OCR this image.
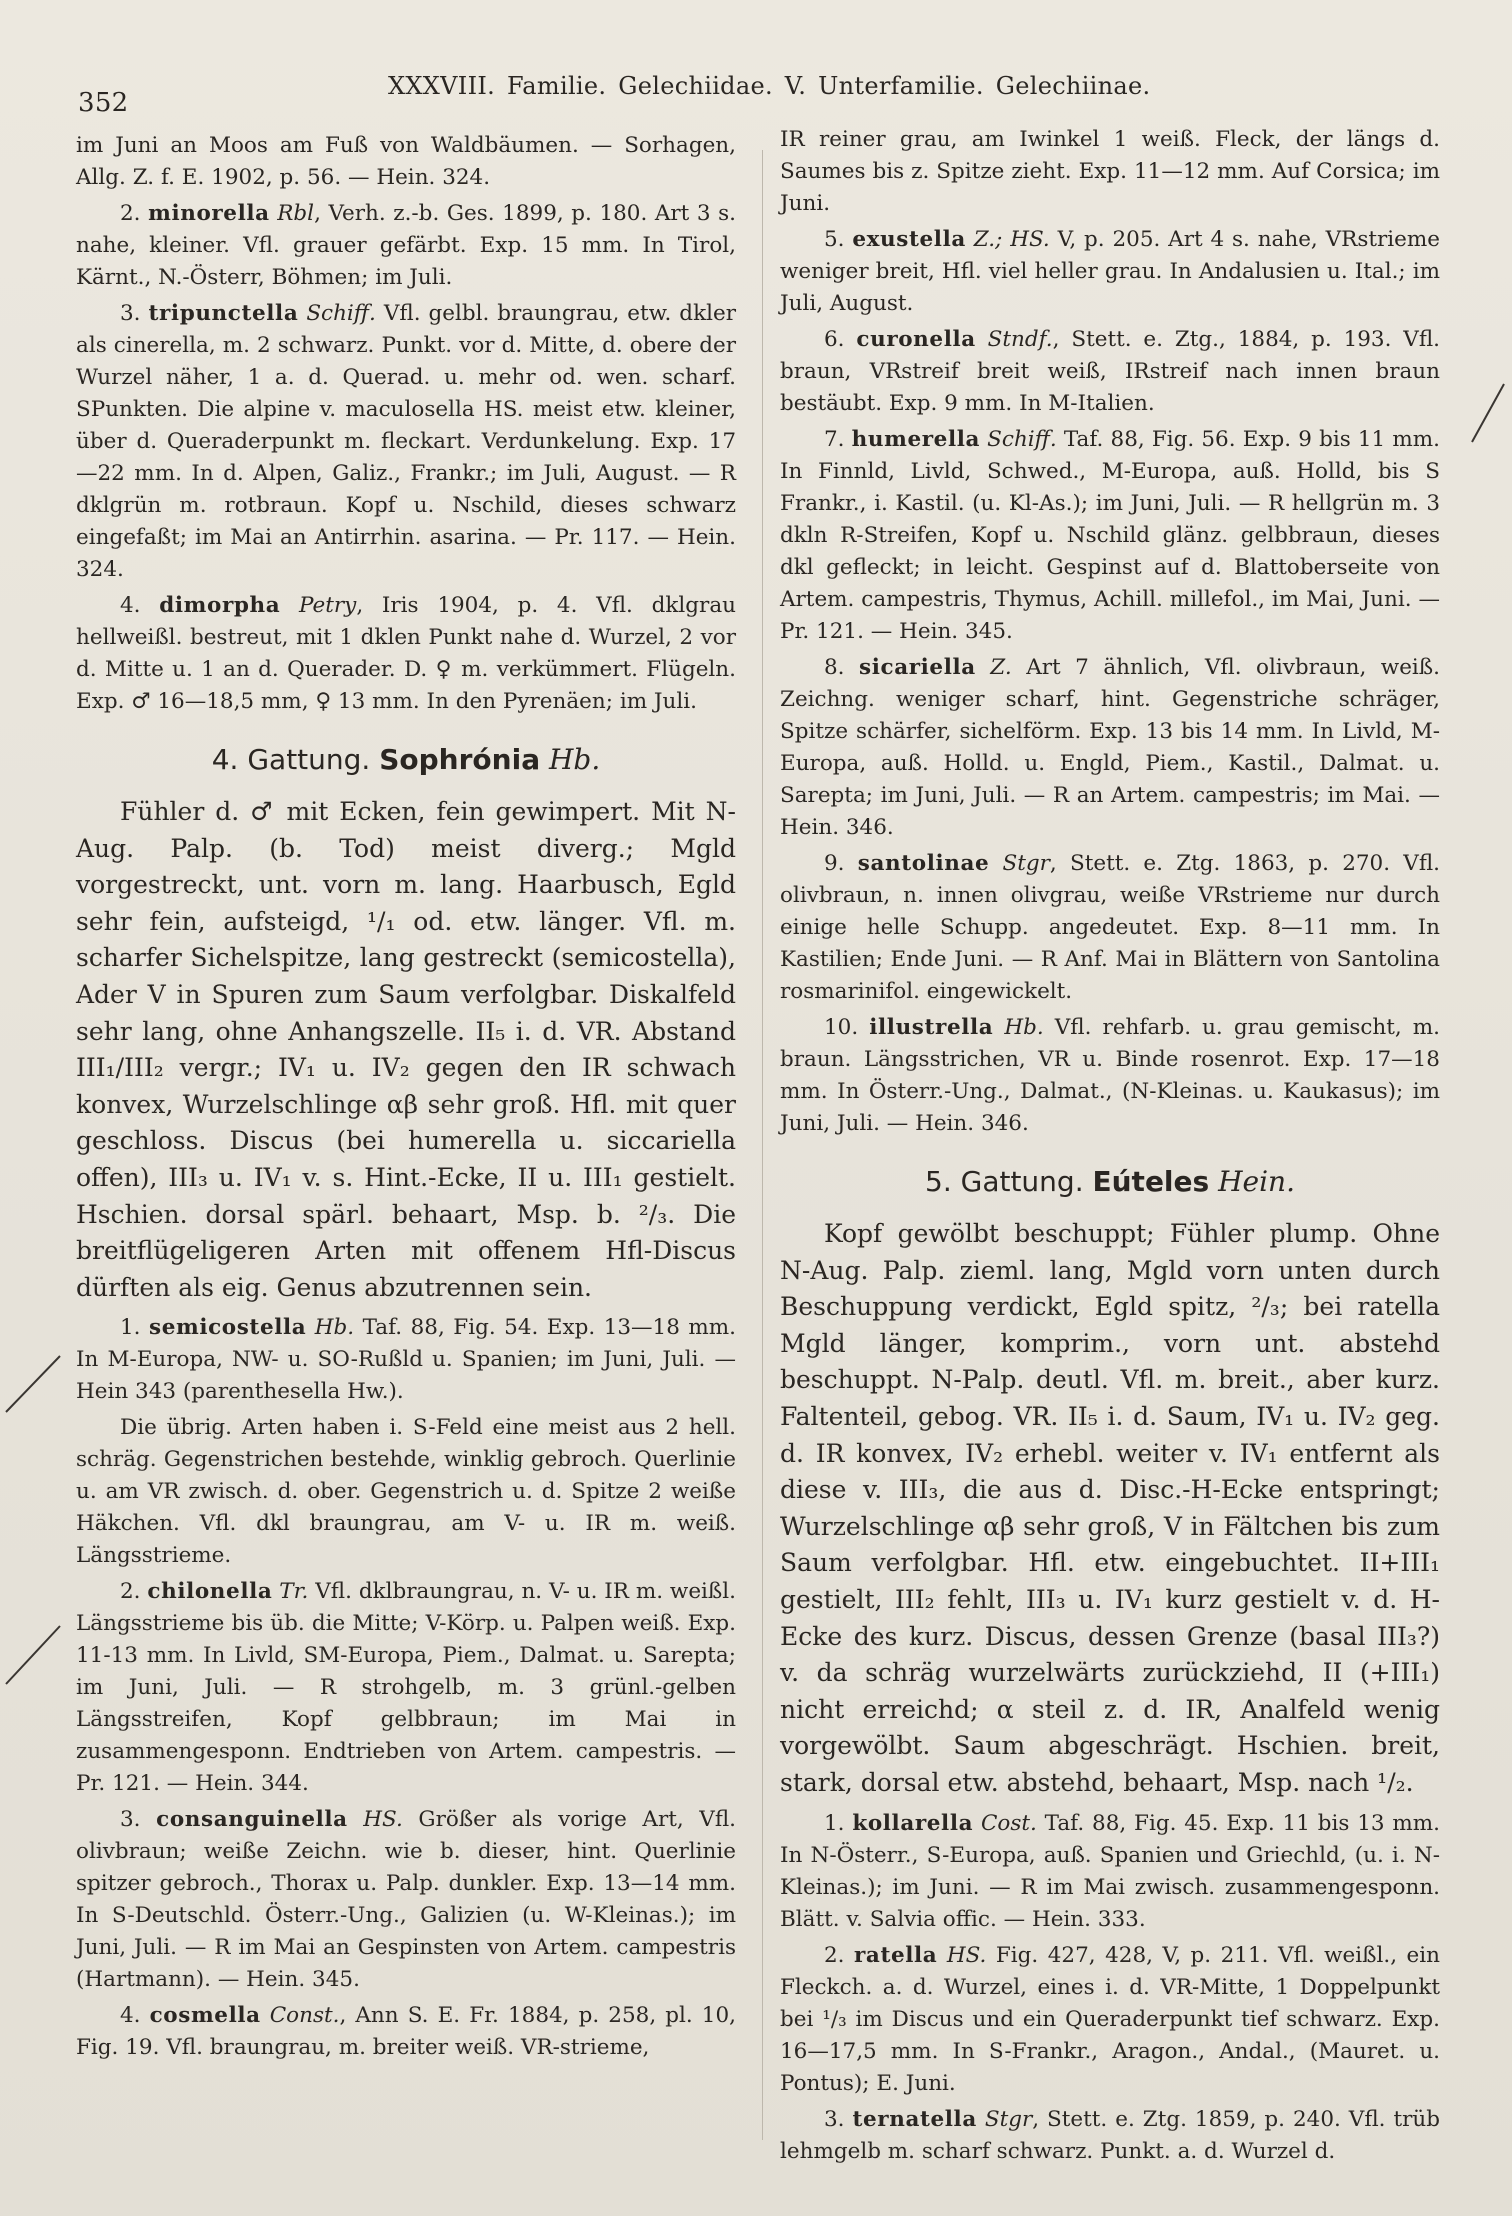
352
XXXVIII. Familie. Gelechiidae. V. Unterfamilie. Gelechiinae.

im Juni an Moos am Fuß von Waldbäumen. — Sorhagen, Allg. Z. f. E. 1902, p. 56. — Hein. 324.

2. minorella Rbl, Verh. z.-b. Ges. 1899, p. 180. Art 3 s. nahe, kleiner. Vfl. grauer gefärbt. Exp. 15 mm. In Tirol, Kärnt., N.-Österr, Böhmen; im Juli.

3. tripunctella Schiff. Vfl. gelbl. braungrau, etw. dkler als cinerella, m. 2 schwarz. Punkt. vor d. Mitte, d. obere der Wurzel näher, 1 a. d. Querad. u. mehr od. wen. scharf. SPunkten. Die alpine v. maculosella HS. meist etw. kleiner, über d. Queraderpunkt m. fleckart. Verdunkelung. Exp. 17—22 mm. In d. Alpen, Galiz., Frankr.; im Juli, August. — R dklgrün m. rotbraun. Kopf u. Nschild, dieses schwarz eingefaßt; im Mai an Antirrhin. asarina. — Pr. 117. — Hein. 324.

4. dimorpha Petry, Iris 1904, p. 4. Vfl. dklgrau hellweißl. bestreut, mit 1 dklen Punkt nahe d. Wurzel, 2 vor d. Mitte u. 1 an d. Querader. D. ♀ m. verkümmert. Flügeln. Exp. ♂ 16—18,5 mm, ♀ 13 mm. In den Pyrenäen; im Juli.

4. Gattung. Sophrónia Hb.

Fühler d. ♂ mit Ecken, fein gewimpert. Mit N-Aug. Palp. (b. Tod) meist diverg.; Mgld vorgestreckt, unt. vorn m. lang. Haarbusch, Egld sehr fein, aufsteigd, ¹/₁ od. etw. länger. Vfl. m. scharfer Sichelspitze, lang gestreckt (semicostella), Ader V in Spuren zum Saum verfolgbar. Diskalfeld sehr lang, ohne Anhangszelle. II₅ i. d. VR. Abstand III₁/III₂ vergr.; IV₁ u. IV₂ gegen den IR schwach konvex, Wurzelschlinge αβ sehr groß. Hfl. mit quer geschloss. Discus (bei humerella u. siccariella offen), III₃ u. IV₁ v. s. Hint.-Ecke, II u. III₁ gestielt. Hschien. dorsal spärl. behaart, Msp. b. ²/₃. Die breitflügeligeren Arten mit offenem Hfl-Discus dürften als eig. Genus abzutrennen sein.

1. semicostella Hb. Taf. 88, Fig. 54. Exp. 13—18 mm. In M-Europa, NW- u. SO-Rußld u. Spanien; im Juni, Juli. — Hein 343 (parenthesella Hw.).

Die übrig. Arten haben i. S-Feld eine meist aus 2 hell. schräg. Gegenstrichen bestehde, winklig gebroch. Querlinie u. am VR zwisch. d. ober. Gegenstrich u. d. Spitze 2 weiße Häkchen. Vfl. dkl braungrau, am V- u. IR m. weiß. Längsstrieme.

2. chilonella Tr. Vfl. dklbraungrau, n. V- u. IR m. weißl. Längsstrieme bis üb. die Mitte; V-Körp. u. Palpen weiß. Exp. 11-13 mm. In Livld, SM-Europa, Piem., Dalmat. u. Sarepta; im Juni, Juli. — R strohgelb, m. 3 grünl.-gelben Längsstreifen, Kopf gelbbraun; im Mai in zusammengesponn. Endtrieben von Artem. campestris. — Pr. 121. — Hein. 344.

3. consanguinella HS. Größer als vorige Art, Vfl. olivbraun; weiße Zeichn. wie b. dieser, hint. Querlinie spitzer gebroch., Thorax u. Palp. dunkler. Exp. 13—14 mm. In S-Deutschld. Österr.-Ung., Galizien (u. W-Kleinas.); im Juni, Juli. — R im Mai an Gespinsten von Artem. campestris (Hartmann). — Hein. 345.

4. cosmella Const., Ann S. E. Fr. 1884, p. 258, pl. 10, Fig. 19. Vfl. braungrau, m. breiter weiß. VR-strieme,

IR reiner grau, am Iwinkel 1 weiß. Fleck, der längs d. Saumes bis z. Spitze zieht. Exp. 11—12 mm. Auf Corsica; im Juni.

5. exustella Z.; HS. V, p. 205. Art 4 s. nahe, VRstrieme weniger breit, Hfl. viel heller grau. In Andalusien u. Ital.; im Juli, August.

6. curonella Stndf., Stett. e. Ztg., 1884, p. 193. Vfl. braun, VRstreif breit weiß, IRstreif nach innen braun bestäubt. Exp. 9 mm. In M-Italien.

7. humerella Schiff. Taf. 88, Fig. 56. Exp. 9 bis 11 mm. In Finnld, Livld, Schwed., M-Europa, auß. Holld, bis S Frankr., i. Kastil. (u. Kl-As.); im Juni, Juli. — R hellgrün m. 3 dkln R-Streifen, Kopf u. Nschild glänz. gelbbraun, dieses dkl gefleckt; in leicht. Gespinst auf d. Blattoberseite von Artem. campestris, Thymus, Achill. millefol., im Mai, Juni. — Pr. 121. — Hein. 345.

8. sicariella Z. Art 7 ähnlich, Vfl. olivbraun, weiß. Zeichng. weniger scharf, hint. Gegenstriche schräger, Spitze schärfer, sichelförm. Exp. 13 bis 14 mm. In Livld, M-Europa, auß. Holld. u. Engld, Piem., Kastil., Dalmat. u. Sarepta; im Juni, Juli. — R an Artem. campestris; im Mai. — Hein. 346.

9. santolinae Stgr, Stett. e. Ztg. 1863, p. 270. Vfl. olivbraun, n. innen olivgrau, weiße VRstrieme nur durch einige helle Schupp. angedeutet. Exp. 8—11 mm. In Kastilien; Ende Juni. — R Anf. Mai in Blättern von Santolina rosmarinifol. eingewickelt.

10. illustrella Hb. Vfl. rehfarb. u. grau gemischt, m. braun. Längsstrichen, VR u. Binde rosenrot. Exp. 17—18 mm. In Österr.-Ung., Dalmat., (N-Kleinas. u. Kaukasus); im Juni, Juli. — Hein. 346.

5. Gattung. Eúteles Hein.

Kopf gewölbt beschuppt; Fühler plump. Ohne N-Aug. Palp. zieml. lang, Mgld vorn unten durch Beschuppung verdickt, Egld spitz, ²/₃; bei ratella Mgld länger, komprim., vorn unt. abstehd beschuppt. N-Palp. deutl. Vfl. m. breit., aber kurz. Faltenteil, gebog. VR. II₅ i. d. Saum, IV₁ u. IV₂ geg. d. IR konvex, IV₂ erhebl. weiter v. IV₁ entfernt als diese v. III₃, die aus d. Disc.-H-Ecke entspringt; Wurzelschlinge αβ sehr groß, V in Fältchen bis zum Saum verfolgbar. Hfl. etw. eingebuchtet. II+III₁ gestielt, III₂ fehlt, III₃ u. IV₁ kurz gestielt v. d. H-Ecke des kurz. Discus, dessen Grenze (basal III₃?) v. da schräg wurzelwärts zurückziehd, II (+III₁) nicht erreichd; α steil z. d. IR, Analfeld wenig vorgewölbt. Saum abgeschrägt. Hschien. breit, stark, dorsal etw. abstehd, behaart, Msp. nach ¹/₂.

1. kollarella Cost. Taf. 88, Fig. 45. Exp. 11 bis 13 mm. In N-Österr., S-Europa, auß. Spanien und Griechld, (u. i. N-Kleinas.); im Juni. — R im Mai zwisch. zusammengesponn. Blätt. v. Salvia offic. — Hein. 333.

2. ratella HS. Fig. 427, 428, V, p. 211. Vfl. weißl., ein Fleckch. a. d. Wurzel, eines i. d. VR-Mitte, 1 Doppelpunkt bei ¹/₃ im Discus und ein Queraderpunkt tief schwarz. Exp. 16—17,5 mm. In S-Frankr., Aragon., Andal., (Mauret. u. Pontus); E. Juni.

3. ternatella Stgr, Stett. e. Ztg. 1859, p. 240. Vfl. trüb lehmgelb m. scharf schwarz. Punkt. a. d. Wurzel d.
